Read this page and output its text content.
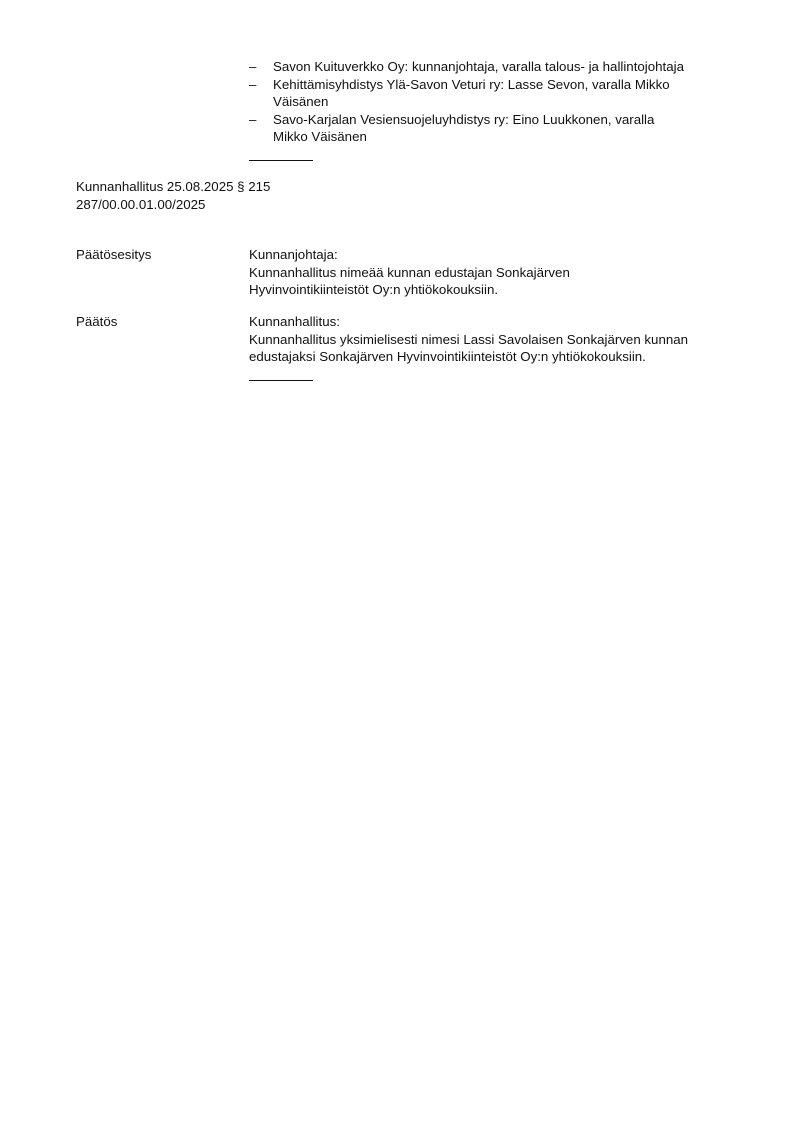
–	Savon Kuituverkko Oy: kunnanjohtaja, varalla talous- ja hallintojohtaja
–	Kehittämisyhdistys Ylä-Savon Veturi ry: Lasse Sevon, varalla Mikko
Väisänen
–	Savo-Karjalan Vesiensuojeluyhdistys ry: Eino Luukkonen, varalla
Mikko Väisänen
Kunnanhallitus 25.08.2025 § 215
287/00.00.01.00/2025
Päätösesitys	Kunnanjohtaja:
Kunnanhallitus nimeää kunnan edustajan Sonkajärven
Hyvinvointikiinteistöt Oy:n yhtiökokouksiin.
Päätös	Kunnanhallitus:
Kunnanhallitus yksimielisesti nimesi Lassi Savolaisen Sonkajärven kunnan
edustajaksi Sonkajärven Hyvinvointikiinteistöt Oy:n yhtiökokouksiin.
